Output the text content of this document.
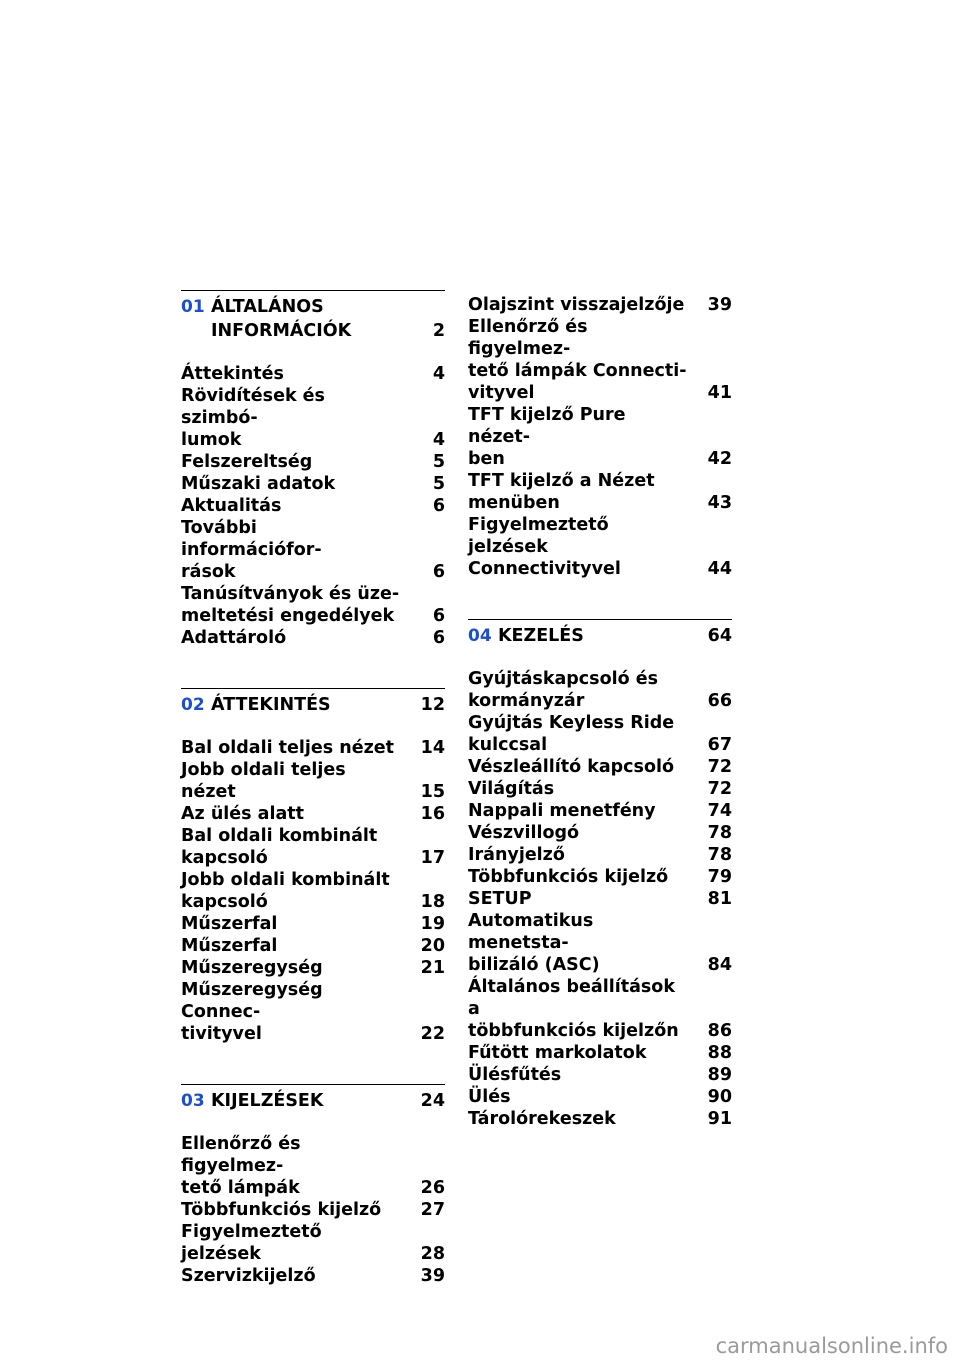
01 ÁLTALÁNOS
INFORMÁCIÓK	2
Áttekintés	4
Rövidítések és szimbó-
lumok	4
Felszereltség	5
Műszaki adatok	5
Aktualitás	6
További információfor-
rások	6
Tanúsítványok és üze-
meltetési engedélyek 6
Adattároló	6
02 ÁTTEKINTÉS	12
Bal oldali teljes nézet 14
Jobb oldali teljes nézet	15
Az ülés alatt	16
Bal oldali kombinált
kapcsoló	17
Jobb oldali kombinált
kapcsoló	18
Műszerfal	19
Műszerfal	20
Műszeregység	21
Műszeregység Connec-
tivityvel	22
03 KIJELZÉSEK	24
Ellenőrző és figyelmez-
tető lámpák	26
Többfunkciós kijelző 27
Figyelmeztető jelzések	28
Szervizkijelző	39
Olajszint visszajelzője 39
Ellenőrző és figyelmez-
tető lámpák Connecti-
vityvel	41
TFT kijelző Pure nézet-
ben	42
TFT kijelző a Nézet
menüben	43
Figyelmeztető jelzések
Connectivityvel	44
04 KEZELÉS	64
Gyújtáskapcsoló és
kormányzár	66
Gyújtás Keyless Ride
kulccsal	67
Vészleállító kapcsoló 72
Világítás	72
Nappali menetfény	74
Vészvillogó	78
Irányjelző	78
Többfunkciós kijelző 79
SETUP	81
Automatikus menetsta-
bilizáló (ASC)	84
Általános beállítások a
többfunkciós kijelzőn 86
Fűtött markolatok	88
Ülésfűtés	89
Ülés	90
Tárolórekeszek	91
carmanualsonline.info
